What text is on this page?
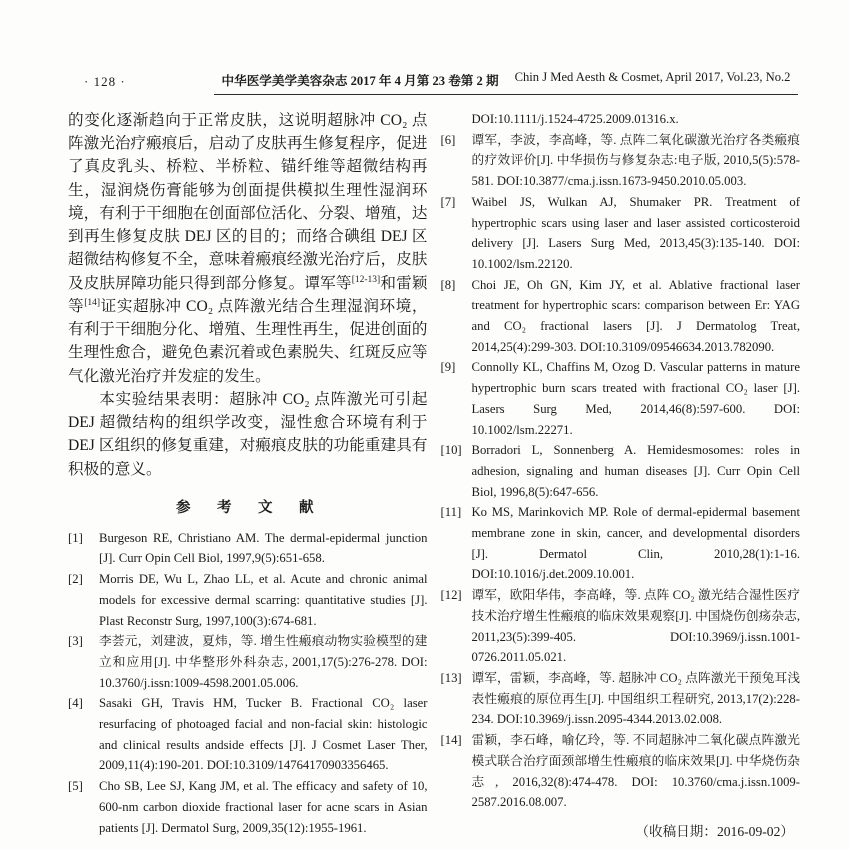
· 128 ·	中华医学美学美容杂志 2017 年 4 月第 23 卷第 2 期 Chin J Med Aesth & Cosmet, April 2017, Vol.23, No.2

的变化逐渐趋向于正常皮肤，这说明超脉冲 CO₂ 点阵激光治疗瘢痕后，启动了皮肤再生修复程序，促进了真皮乳头、桥粒、半桥粒、锚纤维等超微结构再生，湿润烧伤膏能够为创面提供模拟生理性湿润环境，有利于干细胞在创面部位活化、分裂、增殖，达到再生修复皮肤 DEJ 区的目的；而络合碘组 DEJ 区超微结构修复不全，意味着瘢痕经激光治疗后，皮肤及皮肤屏障功能只得到部分修复。谭军等[12-13]和雷颖等[14]证实超脉冲 CO₂ 点阵激光结合生理湿润环境，有利于干细胞分化、增殖、生理性再生，促进创面的生理性愈合，避免色素沉着或色素脱失、红斑反应等气化激光治疗并发症的发生。

本实验结果表明：超脉冲 CO₂ 点阵激光可引起 DEJ 超微结构的组织学改变，湿性愈合环境有利于 DEJ 区组织的修复重建，对瘢痕皮肤的功能重建具有积极的意义。

参　考　文　献
[1] Burgeson RE, Christiano AM. The dermal-epidermal junction [J]. Curr Opin Cell Biol, 1997,9(5):651-658.
[2] Morris DE, Wu L, Zhao LL, et al. Acute and chronic animal models for excessive dermal scarring: quantitative studies [J]. Plast Reconstr Surg, 1997,100(3):674-681.
[3] 李荟元，刘建波，夏炜，等. 增生性瘢痕动物实验模型的建立和应用[J]. 中华整形外科杂志, 2001,17(5):276-278. DOI: 10.3760/j.issn:1009-4598.2001.05.006.
[4] Sasaki GH, Travis HM, Tucker B. Fractional CO₂ laser resurfacing of photoaged facial and non-facial skin: histologic and clinical results andside effects [J]. J Cosmet Laser Ther, 2009,11(4):190-201. DOI:10.3109/14764170903356465.
[5] Cho SB, Lee SJ, Kang JM, et al. The efficacy and safety of 10, 600-nm carbon dioxide fractional laser for acne scars in Asian patients [J]. Dermatol Surg, 2009,35(12):1955-1961.

DOI:10.1111/j.1524-4725.2009.01316.x.

[6] 谭军，李波，李高峰，等. 点阵二氧化碳激光治疗各类瘢痕的疗效评价[J]. 中华损伤与修复杂志:电子版, 2010,5(5):578-581. DOI:10.3877/cma.j.issn.1673-9450.2010.05.003.
[7] Waibel JS, Wulkan AJ, Shumaker PR. Treatment of hypertrophic scars using laser and laser assisted corticosteroid delivery [J]. Lasers Surg Med, 2013,45(3):135-140. DOI: 10.1002/lsm.22120.
[8] Choi JE, Oh GN, Kim JY, et al. Ablative fractional laser treatment for hypertrophic scars: comparison between Er: YAG and CO₂ fractional lasers [J]. J Dermatolog Treat, 2014,25(4):299-303. DOI:10.3109/09546634.2013.782090.
[9] Connolly KL, Chaffins M, Ozog D. Vascular patterns in mature hypertrophic burn scars treated with fractional CO₂ laser [J]. Lasers Surg Med, 2014,46(8):597-600. DOI: 10.1002/lsm.22271.
[10] Borradori L, Sonnenberg A. Hemidesmosomes: roles in adhesion, signaling and human diseases [J]. Curr Opin Cell Biol, 1996,8(5):647-656.
[11] Ko MS, Marinkovich MP. Role of dermal-epidermal basement membrane zone in skin, cancer, and developmental disorders [J]. Dermatol Clin, 2010,28(1):1-16. DOI:10.1016/j.det.2009.10.001.
[12] 谭军，欧阳华伟，李高峰，等. 点阵 CO₂ 激光结合湿性医疗技术治疗增生性瘢痕的临床效果观察[J]. 中国烧伤创疡杂志, 2011,23(5):399-405. DOI:10.3969/j.issn.1001-0726.2011.05.021.
[13] 谭军，雷颖，李高峰，等. 超脉冲 CO₂ 点阵激光干预兔耳浅表性瘢痕的原位再生[J]. 中国组织工程研究, 2013,17(2):228-234. DOI:10.3969/j.issn.2095-4344.2013.02.008.
[14] 雷颖，李石峰，喻亿玲，等. 不同超脉冲二氧化碳点阵激光模式联合治疗面颈部增生性瘢痕的临床效果[J]. 中华烧伤杂志, 2016,32(8):474-478. DOI: 10.3760/cma.j.issn.1009-2587.2016.08.007.
（收稿日期：2016-09-02）
